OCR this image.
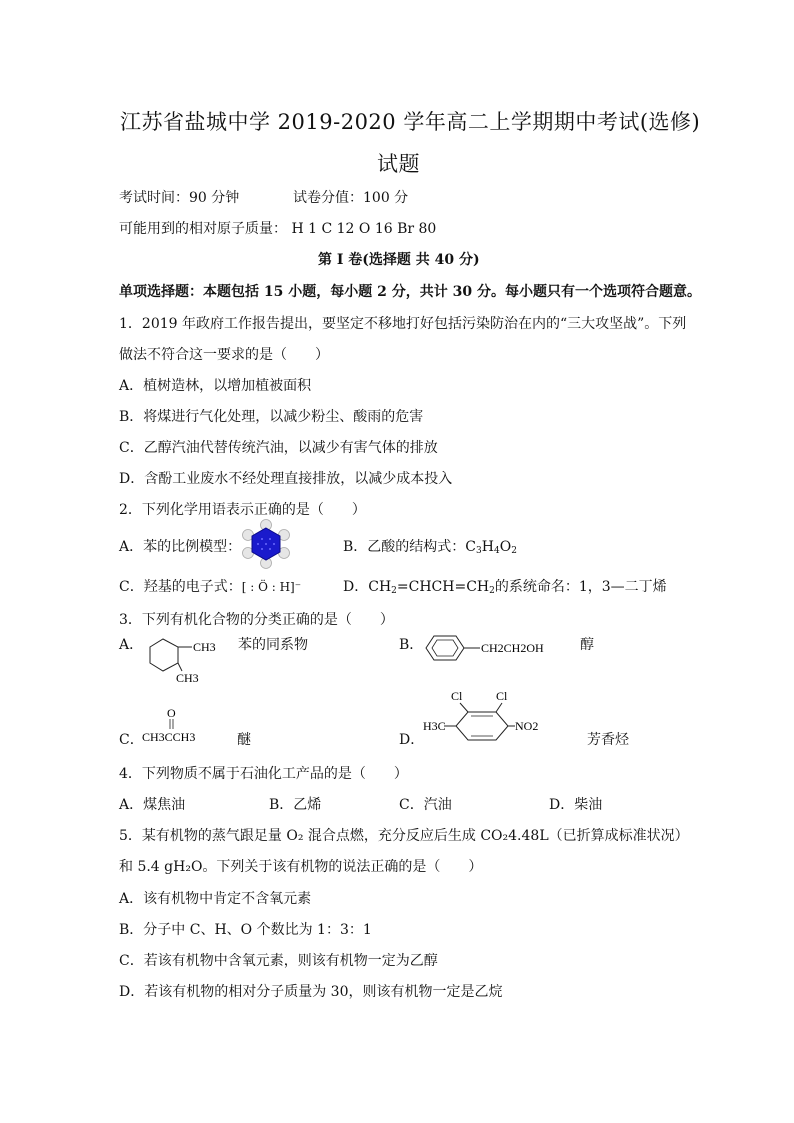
江苏省盐城中学 2019-2020 学年高二上学期期中考试(选修)
试题
考试时间：90 分钟	试卷分值：100 分
可能用到的相对原子质量： H 1 C 12 O 16 Br 80
第 I 卷(选择题 共 40 分)
单项选择题：本题包括 15 小题，每小题 2 分，共计 30 分。每小题只有一个选项符合题意。
1．2019 年政府工作报告提出，要坚定不移地打好包括污染防治在内的“三大攻坚战”。下列
做法不符合这一要求的是（　　）
A．植树造林，以增加植被面积
B．将煤进行气化处理，以减少粉尘、酸雨的危害
C．乙醇汽油代替传统汽油，以减少有害气体的排放
D．含酚工业废水不经处理直接排放，以减少成本投入
2．下列化学用语表示正确的是（　　）
A．苯的比例模型：	B．乙酸的结构式：$C_3H_4O_2$
C．羟基的电子式：[ : Ö : H]⁻	D．$CH_2=CHCH=CH_2$的系统命名：1，3—二丁烯
3．下列有机化合物的分类正确的是（　　）
A．	CH3
CH3
苯的同系物	B．	CH2CH2OH	醇
C．
O
CH3CCH3	醚	D．
Cl	Cl
H3C	NO2
芳香烃
4．下列物质不属于石油化工产品的是（　　）
A．煤焦油	B．乙烯	C．汽油	D．柴油
5．某有机物的蒸气跟足量 O₂ 混合点燃，充分反应后生成 CO₂4.48L（已折算成标准状况）
和 5.4 gH₂O。下列关于该有机物的说法正确的是（　　）
A．该有机物中肯定不含氧元素
B．分子中 C、H、O 个数比为 1：3：1
C．若该有机物中含氧元素，则该有机物一定为乙醇
D．若该有机物的相对分子质量为 30，则该有机物一定是乙烷
